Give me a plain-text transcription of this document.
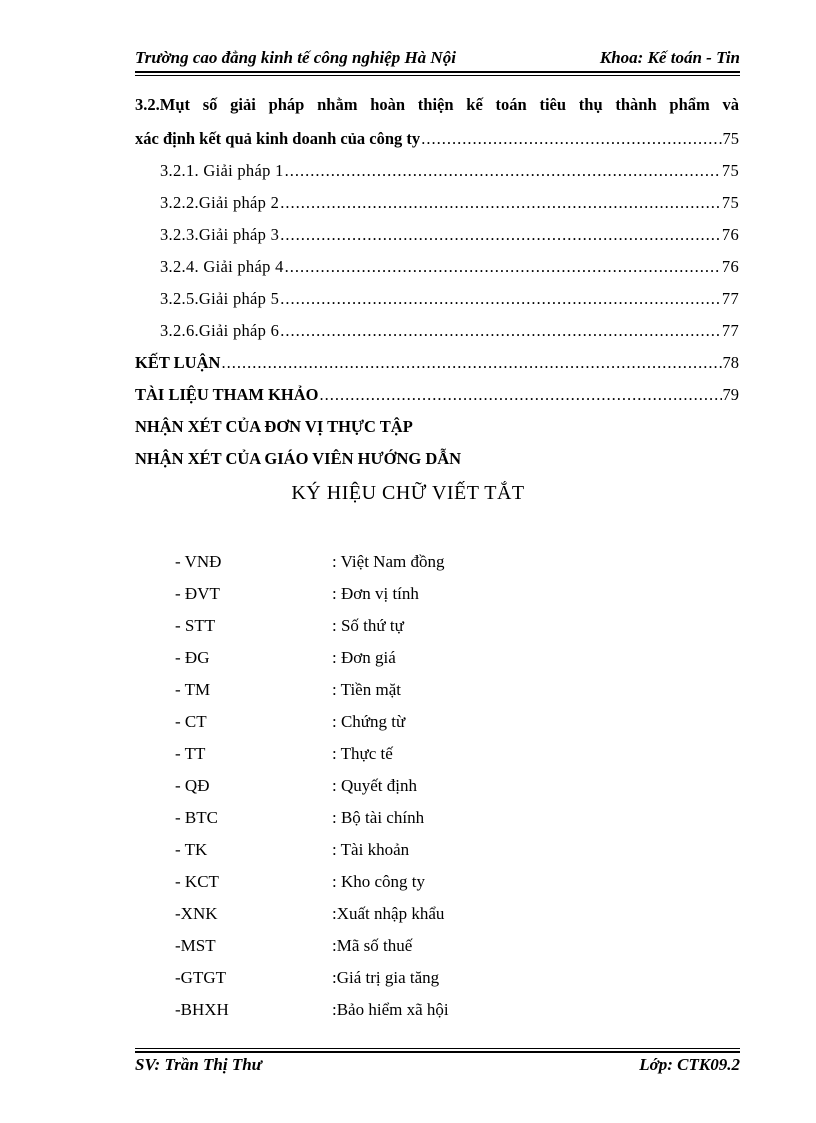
Trường cao đẳng kinh tế công nghiệp Hà Nội	Khoa: Kế toán - Tin
3.2.Mụt số giải pháp nhằm hoàn thiện kế toán tiêu thụ thành phẩm và
xác định kết quả kinh doanh của công ty .....	75
3.2.1. Giải pháp 1 .....	75
3.2.2.Giải pháp 2 .....	75
3.2.3.Giải pháp 3 .....	76
3.2.4. Giải pháp 4 .....	76
3.2.5.Giải pháp 5 .....	77
3.2.6.Giải pháp 6 .....	77
KẾT LUẬN .....	78
TÀI LIỆU THAM KHẢO .....	79
NHẬN XÉT CỦA ĐƠN VỊ THỰC TẬP
NHẬN XÉT CỦA GIÁO VIÊN HƯỚNG DẪN
KÝ HIỆU CHỮ VIẾT TẮT
- VNĐ	: Việt Nam đồng
- ĐVT	: Đơn vị tính
- STT	: Số thứ tự
- ĐG	: Đơn giá
- TM	: Tiền mặt
- CT	: Chứng từ
- TT	: Thực tế
- QĐ	: Quyết định
- BTC	: Bộ tài chính
- TK	: Tài khoản
- KCT	: Kho công ty
-XNK	:Xuất nhập khẩu
-MST	:Mã số thuế
-GTGT	:Giá trị gia tăng
-BHXH	:Bảo hiểm xã hội
SV: Trần Thị Thư	Lớp: CTK09.2
